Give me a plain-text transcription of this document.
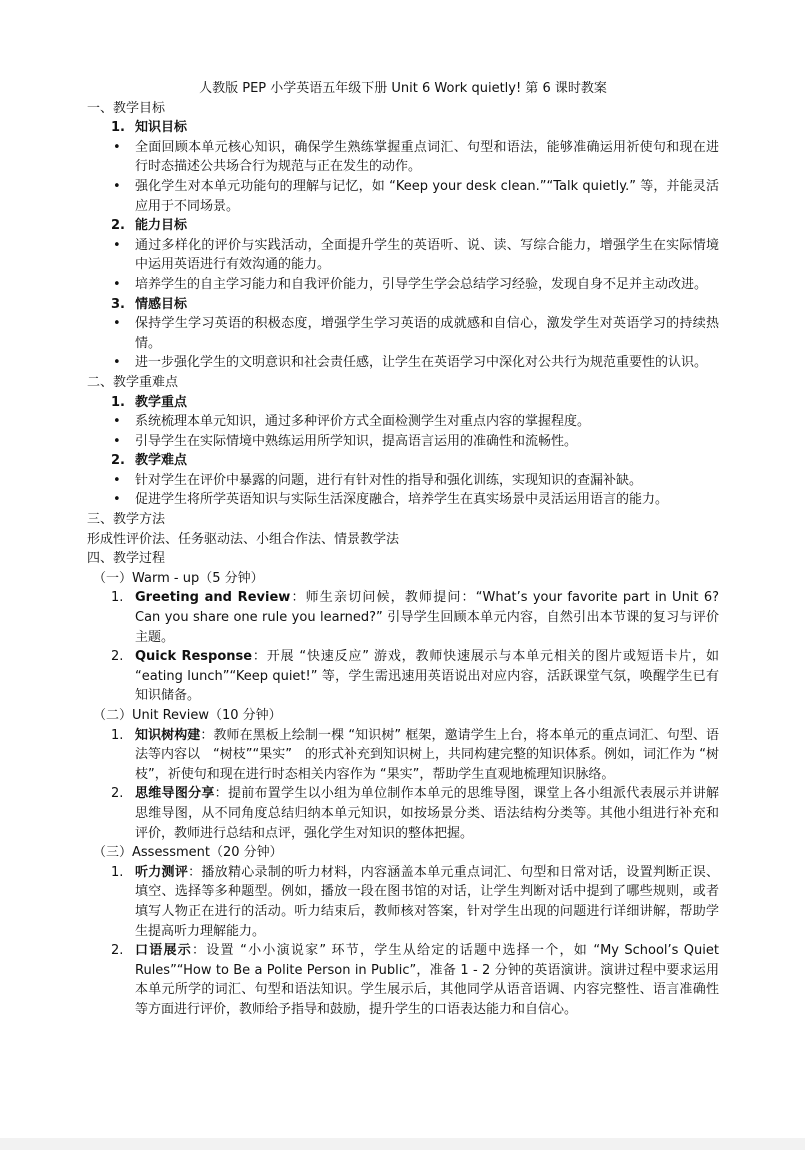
人教版 PEP 小学英语五年级下册 Unit 6 Work quietly! 第 6 课时教案
一、教学目标
1. 知识目标
• 全面回顾本单元核心知识，确保学生熟练掌握重点词汇、句型和语法，能够准确运用祈使句和现在进行时态描述公共场合行为规范与正在发生的动作。
• 强化学生对本单元功能句的理解与记忆，如 “Keep your desk clean.”“Talk quietly.” 等，并能灵活应用于不同场景。
2. 能力目标
• 通过多样化的评价与实践活动，全面提升学生的英语听、说、读、写综合能力，增强学生在实际情境中运用英语进行有效沟通的能力。
• 培养学生的自主学习能力和自我评价能力，引导学生学会总结学习经验，发现自身不足并主动改进。
3. 情感目标
• 保持学生学习英语的积极态度，增强学生学习英语的成就感和自信心，激发学生对英语学习的持续热情。
• 进一步强化学生的文明意识和社会责任感，让学生在英语学习中深化对公共行为规范重要性的认识。
二、教学重难点
1. 教学重点
• 系统梳理本单元知识，通过多种评价方式全面检测学生对重点内容的掌握程度。
• 引导学生在实际情境中熟练运用所学知识，提高语言运用的准确性和流畅性。
2. 教学难点
• 针对学生在评价中暴露的问题，进行有针对性的指导和强化训练，实现知识的查漏补缺。
• 促进学生将所学英语知识与实际生活深度融合，培养学生在真实场景中灵活运用语言的能力。
三、教学方法
形成性评价法、任务驱动法、小组合作法、情景教学法
四、教学过程
（一）Warm - up（5 分钟）
1. Greeting and Review：师生亲切问候，教师提问：“What’s your favorite part in Unit 6? Can you share one rule you learned?” 引导学生回顾本单元内容，自然引出本节课的复习与评价主题。
2. Quick Response：开展 “快速反应” 游戏，教师快速展示与本单元相关的图片或短语卡片，如 “eating lunch”“Keep quiet!” 等，学生需迅速用英语说出对应内容，活跃课堂气氛，唤醒学生已有知识储备。
（二）Unit Review（10 分钟）
1. 知识树构建：教师在黑板上绘制一棵 “知识树” 框架，邀请学生上台，将本单元的重点词汇、句型、语法等内容以　“树枝”“果实”　的形式补充到知识树上，共同构建完整的知识体系。例如，词汇作为 “树枝”，祈使句和现在进行时态相关内容作为 “果实”，帮助学生直观地梳理知识脉络。
2. 思维导图分享：提前布置学生以小组为单位制作本单元的思维导图，课堂上各小组派代表展示并讲解思维导图，从不同角度总结归纳本单元知识，如按场景分类、语法结构分类等。其他小组进行补充和评价，教师进行总结和点评，强化学生对知识的整体把握。
（三）Assessment（20 分钟）
1. 听力测评：播放精心录制的听力材料，内容涵盖本单元重点词汇、句型和日常对话，设置判断正误、填空、选择等多种题型。例如，播放一段在图书馆的对话，让学生判断对话中提到了哪些规则，或者填写人物正在进行的活动。听力结束后，教师核对答案，针对学生出现的问题进行详细讲解，帮助学生提高听力理解能力。
2. 口语展示：设置 “小小演说家” 环节，学生从给定的话题中选择一个，如 “My School’s Quiet Rules”“How to Be a Polite Person in Public”，准备 1 - 2 分钟的英语演讲。演讲过程中要求运用本单元所学的词汇、句型和语法知识。学生展示后，其他同学从语音语调、内容完整性、语言准确性等方面进行评价，教师给予指导和鼓励，提升学生的口语表达能力和自信心。
